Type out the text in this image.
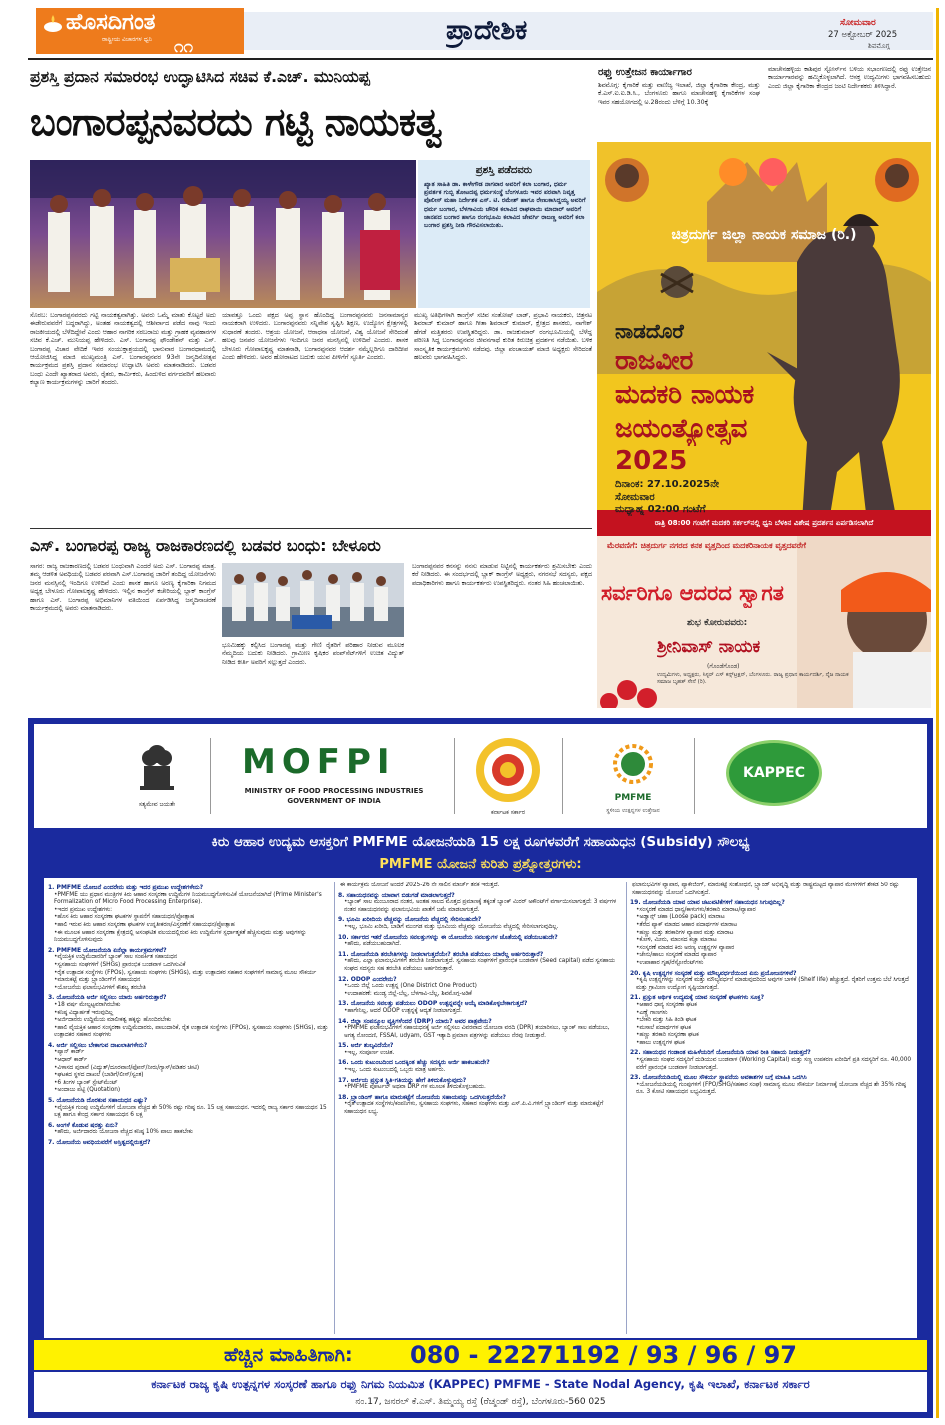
ಹೊಸದಿಗಂತ
ರಾಷ್ಟ್ರೀಯ ವಿಚಾರಗಳ ಧ್ವನಿ	೧೧
ಪ್ರಾದೇಶಿಕ	ಸೋಮವಾರ
27 ಅಕ್ಟೋಬರ್ 2025
ಶಿವಮೊಗ್ಗ
ಪ್ರಶಸ್ತಿ ಪ್ರದಾನ ಸಮಾರಂಭ ಉದ್ಘಾಟಿಸಿದ ಸಚಿವ ಕೆ.ಎಚ್. ಮುನಿಯಪ್ಪ
ಬಂಗಾರಪ್ಪನವರದು ಗಟ್ಟಿ ನಾಯಕತ್ವ
ಪ್ರಶಸ್ತಿ ಪಡೆದವರು
ಖ್ಯಾತ ಸಾಹಿತಿ ಡಾ. ಕಾಳೇಗೌಡ ನಾಗವಾರ ಅವರಿಗೆ ಕಲಾ ಬಂಗಾರ, ಧರ್ಮ ಪ್ರವರ್ತಕ ಗುಬ್ಬಿ ತೋಟದಪ್ಪ ಧರ್ಮಸಂಸ್ಥೆ ಬೆಂಗಳೂರು ಇವರ ಪರವಾಗಿ ನಿವೃತ್ತ ಪೊಲೀಸ್ ಮಹಾ ನಿರ್ದೇಶಕ ಎಸ್. ಟಿ. ರಮೇಶ್ ಹಾಗೂ ರೇಣುಕಾಸಿದ್ದಯ್ಯ ಅವರಿಗೆ ಧರ್ಮ ಬಂಗಾರ, ಬೆಳಗಾವಿಯ ಚೌರಿಕ ಕಲಾವಿದ ರಾಘವಾಯಿ ಮಾದಾರ್ ಅವರಿಗೆ ಜಾನಪದ ಬಂಗಾರ ಹಾಗೂ ರಂಗಭೂಮಿ ಕಲಾವಿದ ಜೇವರ್ಗಿ ರಾಜಣ್ಣ ಅವರಿಗೆ ಕಲಾ ಬಂಗಾರ ಪ್ರಶಸ್ತಿ ನೀಡಿ ಗೌರವಿಸಲಾಯಿತು.
ಸೊರಬ: ಬಂಗಾರಪ್ಪನವರದು ಗಟ್ಟಿ ನಾಯಕತ್ವವಾಗಿತ್ತು. ಅವರು ಒಮ್ಮೆ ಮಾತು ಕೊಟ್ಟರೆ ಅದು ಈಡೇರುವವರೆಗೆ ಬದ್ಧರಾಗಿದ್ದು, ಅಂತಹ ನಾಯಕತ್ವದಲ್ಲಿ ಆಶೀರ್ವಾದ ಪಡೆದ ನಾವು ಇಂದು ರಾಜಕೀಯದಲ್ಲಿ ಬೆಳೆದಿದ್ದೇವೆ ಎಂದು ಆಹಾರ ನಾಗರಿಕ ಸರಬರಾಜು ಮತ್ತು ಗ್ರಾಹಕ ವ್ಯವಹಾರಗಳ ಸಚಿವ ಕೆ.ಎಚ್. ಮುನಿಯಪ್ಪ ಹೇಳಿದರು. ಎಸ್. ಬಂಗಾರಪ್ಪ ಫೌಂಡೇಶನ್ ಮತ್ತು ಎಸ್. ಬಂಗಾರಪ್ಪ ವಿಚಾರ ವೇದಿಕೆ ಇವರ ಸಂಯುಕ್ತಾಶ್ರಯದಲ್ಲಿ ಭಾನುವಾರ ಬಂಗಾರಧಾಮದಲ್ಲಿ ಆಯೋಜಿಸಿದ್ದ ಮಾಜಿ ಮುಖ್ಯಮಂತ್ರಿ ಎಸ್. ಬಂಗಾರಪ್ಪನವರ 93ನೇ ಜನ್ಮದಿನೋತ್ಸವ ಕಾರ್ಯಕ್ರಮದ ಪ್ರಶಸ್ತಿ ಪ್ರದಾನ ಸಮಾರಂಭ ಉದ್ಘಾಟಿಸಿ ಅವರು ಮಾತನಾಡಿದರು. ಬಡವರ ಬಂಧು ಎಂದೇ ಖ್ಯಾತರಾದ ಅವರು, ರೈತರು, ಕಾರ್ಮಿಕರು, ಹಿಂದುಳಿದ ವರ್ಗದವರಿಗೆ ಹಲವಾರು ಕಲ್ಯಾಣ ಕಾರ್ಯಕ್ರಮಗಳನ್ನು ಜಾರಿಗೆ ತಂದರು.
ಯಾವತ್ತೂ ಒಂದು ಪಕ್ಷದ ಅಪ್ಪ ಸ್ಥಾನ ಹೊಂದಿದ್ದ ಬಂಗಾರಪ್ಪನವರು ಜನಸಾಮಾನ್ಯರ ನಾಯಕರಾಗಿ ಉಳಿದರು. ಬಂಗಾರಪ್ಪನವರು ಸನ್ನಿವೇಶ ಸೃಷ್ಟಿಸಿ ಶಿಕ್ಷಣ, ಉದ್ಯೋಗ ಕ್ಷೇತ್ರಗಳಲ್ಲಿ ಸುಧಾರಣೆ ತಂದರು. ಆಶ್ರಯ ಯೋಜನೆ, ಆರಾಧನಾ ಯೋಜನೆ, ವಿಶ್ವ ಯೋಜನೆ ಸೇರಿದಂತೆ ಹಲವು ಜನಪರ ಯೋಜನೆಗಳು ಇಂದಿಗೂ ಜನರ ಮನಸ್ಸಿನಲ್ಲಿ ಉಳಿದಿವೆ ಎಂದರು. ಶಾಸಕ ಬೇಳೂರು ಗೋಪಾಲಕೃಷ್ಣ ಮಾತನಾಡಿ, ಬಂಗಾರಪ್ಪನವರ ಆದರ್ಶ ನಮ್ಮೆಲ್ಲರಿಗೂ ದಾರಿದೀಪ ಎಂದು ಹೇಳಿದರು. ಅವರ ಹೋರಾಟದ ಬದುಕು ಯುವ ಪೀಳಿಗೆಗೆ ಸ್ಫೂರ್ತಿ ಎಂದರು.
ಮುಖ್ಯ ಅತಿಥಿಗಳಾಗಿ ಕಾಂಗ್ರೆಸ್ ಸಚಿವ ಸಂತೋಷ್ ಲಾಡ್, ಪ್ರಭಾವಿ ನಾಯಕರು, ಚಿತ್ರನಟ ಶಿವರಾಜ್ ಕುಮಾರ್ ಹಾಗೂ ಗೀತಾ ಶಿವರಾಜ್ ಕುಮಾರ್, ಕ್ಷೇತ್ರದ ಶಾಸಕರು, ನಾಗೇಶ್ ಹೆಗಡೆ ಮತ್ತಿತರರು ಉಪಸ್ಥಿತರಿದ್ದರು. ಡಾ. ರಾಜಕುಮಾರ್ ರಂಗಭೂಮಿಯಲ್ಲಿ ಬೆಳೆದ್ದ ಪರಿಣತಿ ಸಿದ್ಧ ಬಂಗಾರಪ್ಪನವರ ಜೀವನಗಾಥೆ ಕುರಿತ ಕಿರುಚಿತ್ರ ಪ್ರದರ್ಶನ ನಡೆಯಿತು. ಬಳಿಕ ಸಾಂಸ್ಕೃತಿಕ ಕಾರ್ಯಕ್ರಮಗಳು ನಡೆದವು. ಜಿಲ್ಲಾ ಪಂಚಾಯತ್ ಮಾಜಿ ಅಧ್ಯಕ್ಷರು ಸೇರಿದಂತೆ ಹಲವರು ಭಾಗವಹಿಸಿದ್ದರು.
ಎಸ್. ಬಂಗಾರಪ್ಪ ರಾಜ್ಯ ರಾಜಕಾರಣದಲ್ಲಿ ಬಡವರ ಬಂಧು: ಬೇಳೂರು
ಸಾಗರ: ರಾಜ್ಯ ರಾಜಕಾರಣದಲ್ಲಿ ಬಡವರ ಬಂಧುವಾಗಿ ಎಂದರೆ ಅದು ಎಸ್. ಬಂಗಾರಪ್ಪ ಮಾತ್ರ. ತಮ್ಮ ಆಡಳಿತ ಅವಧಿಯಲ್ಲಿ ಬಡವರ ಪರವಾಗಿ ಎಸ್.ಬಂಗಾರಪ್ಪ ಜಾರಿಗೆ ತಂದಿದ್ದ ಯೋಜನೆಗಳು ಜನರ ಮನಸ್ಸಿನಲ್ಲಿ ಇಂದಿಗೂ ಉಳಿದಿವೆ ಎಂದು ಶಾಸಕ ಹಾಗೂ ಅರಣ್ಯ ಕೈಗಾರಿಕಾ ನಿಗಮದ ಅಧ್ಯಕ್ಷ ಬೇಳೂರು ಗೋಪಾಲಕೃಷ್ಣ ಹೇಳಿದರು. ಇಲ್ಲಿನ ಕಾಂಗ್ರೆಸ್ ಕಚೇರಿಯಲ್ಲಿ ಬ್ಲಾಕ್ ಕಾಂಗ್ರೆಸ್ ಹಾಗೂ ಎಸ್. ಬಂಗಾರಪ್ಪ ಅಭಿಮಾನಿಗಳ ವತಿಯಿಂದ ಏರ್ಪಡಿಸಿದ್ದ ಜನ್ಮದಿನಾಚರಣೆ ಕಾರ್ಯಕ್ರಮದಲ್ಲಿ ಅವರು ಮಾತನಾಡಿದರು.
ಭೂಮಿಹಕ್ಕು ಕಲ್ಪಿಸಿದ ಬಂಗಾರಪ್ಪ ಮತ್ತು ಗೇಣಿ ರೈತರಿಗೆ ಪರಿಹಾರ ನೀಡುವ ಮೂಲಕ ನೆಮ್ಮದಿಯ ಬದುಕು ನೀಡಿದರು. ಗ್ರಾಮೀಣ ಕೃಷಿಕರ ಪಂಪ್‌ಸೆಟ್‌ಗಳಿಗೆ ಉಚಿತ ವಿದ್ಯುತ್ ನೀಡಿದ ಕೀರ್ತಿ ಅವರಿಗೆ ಸಲ್ಲುತ್ತದೆ ಎಂದರು.
ಬಂಗಾರಪ್ಪನವರ ಕನಸನ್ನು ನನಸು ಮಾಡುವ ನಿಟ್ಟಿನಲ್ಲಿ ಕಾರ್ಯಕರ್ತರು ಶ್ರಮಿಸಬೇಕು ಎಂದು ಕರೆ ನೀಡಿದರು. ಈ ಸಂದರ್ಭದಲ್ಲಿ ಬ್ಲಾಕ್ ಕಾಂಗ್ರೆಸ್ ಅಧ್ಯಕ್ಷರು, ನಗರಸಭೆ ಸದಸ್ಯರು, ಪಕ್ಷದ ಪದಾಧಿಕಾರಿಗಳು ಹಾಗೂ ಕಾರ್ಯಕರ್ತರು ಉಪಸ್ಥಿತರಿದ್ದರು. ನಂತರ ಸಿಹಿ ಹಂಚಲಾಯಿತು.
ರಫ್ತು ಉತ್ತೇಜನ ಕಾರ್ಯಾಗಾರ
ಶಿವಮೊಗ್ಗ: ಕೈಗಾರಿಕೆ ಮತ್ತು ವಾಣಿಜ್ಯ ಇಲಾಖೆ, ಜಿಲ್ಲಾ ಕೈಗಾರಿಕಾ ಕೇಂದ್ರ, ಮತ್ತು ಕೆ.ಎಸ್.ಐ.ಐ.ಡಿ.ಸಿ., ಬೆಂಗಳೂರು ಹಾಗೂ ಮಾಚೇನಹಳ್ಳಿ ಕೈಗಾರಿಕೆಗಳ ಸಂಘ ಇವರ ಸಹಯೋಗದಲ್ಲಿ ಅ.28ರಂದು ಬೆಳಿಗ್ಗೆ 10.30ಕ್ಕೆ
ಮಾಚೇನಹಳ್ಳಿಯ ಕಾಶಿಪುರ ಸ್ಟೋರ್ಸ್‌ನ ಬಳಿಯ ಸಭಾಂಗಣದಲ್ಲಿ ರಫ್ತು ಉತ್ತೇಜನ ಕಾರ್ಯಾಗಾರವನ್ನು ಹಮ್ಮಿಕೊಳ್ಳಲಾಗಿದೆ. ಆಸಕ್ತ ಉದ್ಯಮಿಗಳು ಭಾಗವಹಿಸಬಹುದು ಎಂದು ಜಿಲ್ಲಾ ಕೈಗಾರಿಕಾ ಕೇಂದ್ರದ ಜಂಟಿ ನಿರ್ದೇಶಕರು ತಿಳಿಸಿದ್ದಾರೆ.
ಚಿತ್ರದುರ್ಗ ಜಿಲ್ಲಾ ನಾಯಕ ಸಮಾಜ (ರಿ.)
ನಾಡದೊರೆ
ರಾಜವೀರ
ಮದಕರಿ ನಾಯಕ
ಜಯಂತ್ಯೋತ್ಸವ
2025
ದಿನಾಂಕ: 27.10.2025ನೇ
ಸೋಮವಾರ
ಮಧ್ಯಾಹ್ನ 02:00 ಗಂಟೆಗೆ
ರಾತ್ರಿ 08:00 ಗಂಟೆಗೆ ಮದಕರಿ ಸರ್ಕಲ್‌ನಲ್ಲಿ ಧ್ವನಿ ಬೆಳಕಿನ ವಿಶೇಷ ಪ್ರದರ್ಶನ ಏರ್ಪಡಿಸಲಾಗಿದೆ
ಮೆರವಣಿಗೆ: ಚಿತ್ರದುರ್ಗ ನಗರದ ಕನಕ ವೃತ್ತದಿಂದ ಮದಕರಿನಾಯಕ ವೃತ್ತದವರೆಗೆ
ಸರ್ವರಿಗೂ ಆದರದ ಸ್ವಾಗತ
ಶುಭ ಕೋರುವವರು:
ಶ್ರೀನಿವಾಸ್ ನಾಯಕ
(ಗೊಂಡೆಗೊಂಡ)
ಉದ್ಯಮಿಗಳು, ಅಧ್ಯಕ್ಷರು, ಸಿಸ್ಟರ್ ಎಸ್ ಕನ್ಸ್‌ಟ್ರಕ್ಷನ್, ಬೆಂಗಳೂರು. ರಾಜ್ಯ ಪ್ರಧಾನ ಕಾರ್ಯದರ್ಶಿ, ನೈಜ ನಾಯಕ ಸಮಾಜ ಬೃಹತ್ ಸೇನೆ (ರಿ).
ಸತ್ಯಮೇವ ಜಯತೇ
MOFPI
MINISTRY OF FOOD PROCESSING INDUSTRIES
GOVERNMENT OF INDIA
ಕರ್ನಾಟಕ ಸರ್ಕಾರ
PMFME
ಸ್ಥಳೀಯ ಉತ್ಪನ್ನಗಳ ಉತ್ತೇಜನ
KAPPEC
ಕಿರು ಆಹಾರ ಉದ್ಯಮ ಆಸಕ್ತರಿಗೆ PMFME ಯೋಜನೆಯಡಿ 15 ಲಕ್ಷ ರೂಗಳವರೆಗೆ ಸಹಾಯಧನ (Subsidy) ಸೌಲಭ್ಯ
PMFME ಯೋಜನೆ ಕುರಿತು ಪ್ರಶ್ನೋತ್ತರಗಳು:
1. PMFME ಯೋಜನೆ ಎಂದರೇನು ಮತ್ತು ಇದರ ಪ್ರಮುಖ ಉದ್ದೇಶಗಳೇನು?
• PMFME ಯು ಪ್ರಧಾನ ಮಂತ್ರಿಗಳ ಕಿರು ಆಹಾರ ಸಂಸ್ಕರಣಾ ಉದ್ದಿಮೆಗಳ ನಿಯಮಬದ್ಧಗೊಳಿಸುವಿಕೆ ಯೋಜನೆಯಾಗಿದೆ (Prime Minister's Formalization of Micro Food Processing Enterprise).
• ಇದರ ಪ್ರಮುಖ ಉದ್ದೇಶಗಳು:
• ಹೊಸ ಕಿರು ಆಹಾರ ಸಂಸ್ಕರಣಾ ಘಟಕಗಳ ಸ್ಥಾಪನೆಗೆ ಸಹಾಯಧನ/ಪ್ರೋತ್ಸಾಹ
• ಹಾಲಿ ಇರುವ ಕಿರು ಆಹಾರ ಸಂಸ್ಕರಣಾ ಘಟಕಗಳ ಉನ್ನತೀಕರಣ/ವಿಸ್ತರಣೆಗೆ ಸಹಾಯಧನ/ಪ್ರೋತ್ಸಾಹ
• ಈ ಮೂಲಕ ಆಹಾರ ಸಂಸ್ಕರಣಾ ಕ್ಷೇತ್ರದಲ್ಲಿ ಅಸಂಘಟಿತ ವಲಯದಲ್ಲಿರುವ ಕಿರು ಉದ್ದಿಮೆಗಳ ಸ್ಪರ್ಧಾತ್ಮಕತೆ ಹೆಚ್ಚಿಸುವುದು ಮತ್ತು ಅವುಗಳನ್ನು ನಿಯಮಬದ್ಧಗೊಳಿಸುವುದು
2. PMFME ಯೋಜನೆಯಡಿ ಏನೆಲ್ಲಾ ಕಾರ್ಯಕ್ರಮಗಳಿವೆ?
• ವೈಯಕ್ತಿಕ ಉದ್ದಿಮೆದಾರರಿಗೆ ಬ್ಯಾಂಕ್ ಸಾಲ ಸಂಪರ್ಕಿತ ಸಹಾಯಧನ
• ಸ್ವಸಹಾಯ ಸಂಘಗಳಿಗೆ (SHGs) ಪ್ರಾರಂಭಿಕ ಬಂಡವಾಳ ಒದಗಿಸುವಿಕೆ
• ರೈತ ಉತ್ಪಾದಕ ಸಂಸ್ಥೆಗಳು (FPOs), ಸ್ವಸಹಾಯ ಸಂಘಗಳು (SHGs), ಮತ್ತು ಉತ್ಪಾದಕರ ಸಹಕಾರ ಸಂಘಗಳಿಗೆ ಸಾಮಾನ್ಯ ಮೂಲ ಸೌಕರ್ಯ
• ಮಾರುಕಟ್ಟೆ ಮತ್ತು ಬ್ರ್ಯಾಂಡಿಂಗ್‌ಗೆ ಸಹಾಯಧನ
• ಯೋಜನೆಯ ಫಲಾನುಭವಿಗಳಿಗೆ ಕೌಶಲ್ಯ ತರಬೇತಿ
3. ಯೋಜನೆಯಡಿ ಅರ್ಜಿ ಸಲ್ಲಿಸಲು ಯಾರು ಅರ್ಹರಿರುತ್ತಾರೆ?
• 18 ವರ್ಷ ಮೇಲ್ಪಟ್ಟವರಾಗಿರಬೇಕು
• ಕನಿಷ್ಠ ವಿದ್ಯಾರ್ಹತೆ ಇರುವುದಿಲ್ಲ
• ಅರ್ಜಿದಾರರು ಉದ್ದಿಮೆಯ ಮಾಲೀಕತ್ವ ಹಕ್ಕನ್ನು ಹೊಂದಿರಬೇಕು
• ಹಾಲಿ ವೈಯಕ್ತಿಕ ಆಹಾರ ಸಂಸ್ಕರಣಾ ಉದ್ದಿಮೆದಾರರು, ಪಾಲುದಾರಿಕೆ, ರೈತ ಉತ್ಪಾದಕ ಸಂಸ್ಥೆಗಳು (FPOs), ಸ್ವಸಹಾಯ ಸಂಘಗಳು (SHGs), ಮತ್ತು ಉತ್ಪಾದಕರ ಸಹಕಾರ ಸಂಘಗಳು
4. ಅರ್ಜಿ ಸಲ್ಲಿಸಲು ಬೇಕಾಗುವ ದಾಖಲಾತಿಗಳೇನು?
• ಪ್ಯಾನ್ ಕಾರ್ಡ್
• ಆಧಾರ್ ಕಾರ್ಡ್
• ವಿಳಾಸದ ಪುರಾವೆ (ವಿದ್ಯುತ್/ದೂರವಾಣಿ/ಫೋನ್/ನೀರು/ಗ್ಯಾಸ್/ಪಡಿತರ ಚೀಟಿ)
• ಘಟಕದ ಸ್ಥಳದ ದಾಖಲೆ (ಬಾಡಿಗೆ/ಲೀಸ್/ಸ್ವಂತ)
• 6 ತಿಂಗಳ ಬ್ಯಾಂಕ್ ಸ್ಟೇಟ್‌ಮೆಂಟ್
• ಅಂದಾಜು ಪಟ್ಟಿ (Quotation)
5. ಯೋಜನೆಯಡಿ ದೊರಕುವ ಸಹಾಯಧನ ಎಷ್ಟು?
• ವೈಯಕ್ತಿಕ ಗುಂಪು ಉದ್ದಿಮೆಗಳಿಗೆ ಯೋಜನಾ ವೆಚ್ಚದ ಶೇ 50% ರಷ್ಟು ಗರಿಷ್ಠ ರೂ. 15 ಲಕ್ಷ ಸಹಾಯಧನ. ಇದರಲ್ಲಿ ರಾಜ್ಯ ಸರ್ಕಾರ ಸಹಾಯಧನ 15 ಲಕ್ಷ ಹಾಗೂ ಕೇಂದ್ರ ಸರ್ಕಾರ ಸಹಾಯಧನ 6 ಲಕ್ಷ
6. ಅಂಗಳೆ ಕೊಡುವ ಷರತ್ತು ಏನು?
• ಹೌದು, ಅರ್ಜಿದಾರರು ಯೋಜನಾ ವೆಚ್ಚದ ಕನಿಷ್ಠ 10% ಪಾಲು ಹಾಕಬೇಕು
7. ಯೋಜನೆಯ ಅವಧಿಯವರೆಗೆ ಅಸ್ತಿತ್ವದಲ್ಲಿರುತ್ತದೆ?
ಈ ಕಾರ್ಯಕ್ರಮ ಯೋಜನೆ ಅಂದರೆ 2025-26 ನೇ ಸಾಲಿನ ಮಾರ್ಚ್ ತನಕ ಇರುತ್ತದೆ.
8. ಸಹಾಯಧನವನ್ನು ಯಾವಾಗ ಬಿಡುಗಡೆ ಮಾಡಲಾಗುತ್ತದೆ?
• ಬ್ಯಾಂಕ್ ಸಾಲ ಮಂಜೂರಾದ ನಂತರ, ಅಂತಹ ಸಾಲದ ಮೊತ್ತದ ಪ್ರಮಾಣಕ್ಕೆ ತಕ್ಕಂತೆ ಬ್ಯಾಂಕ್ ಮಿರರ್ ಅಕೌಂಟ್‌ಗೆ ವರ್ಗಾಯಿಸಲಾಗುತ್ತದೆ: 3 ವರ್ಷಗಳ ನಂತರ ಸಹಾಯಧನವನ್ನು ಫಲಾನುಭವಿಯ ಖಾತೆಗೆ ಜಮೆ ಮಾಡಲಾಗುತ್ತದೆ.
9. ಭೂಮಿ ಖರೀದಿಯ ವೆಚ್ಚವನ್ನು ಯೋಜನೆಯ ವೆಚ್ಚದಲ್ಲಿ ಸೇರಿಸಬಹುದೇ?
• ಇಲ್ಲ, ಭೂಮಿ ಖರೀದಿ, ಬಾಡಿಗೆ ಮುಂಗಡ ಮತ್ತು ಭೂಮಿಯ ವೆಚ್ಚವನ್ನು ಯೋಜನೆಯ ವೆಚ್ಚದಲ್ಲಿ ಸೇರಿಸಲಾಗುವುದಿಲ್ಲ.
10. ಸರ್ಕಾರದ ಇತರೆ ಯೋಜನೆಯ ಸವಲತ್ತುಗಳನ್ನು ಈ ಯೋಜನೆಯ ಸವಲತ್ತುಗಳ ಜೊತೆಯಲ್ಲಿ ಪಡೆಯಬಹುದೇ?
• ಹೌದು, ಪಡೆಯಬಹುದಾಗಿದೆ.
11. ಯೋಜನೆಯಡಿ ತರಬೇತಿಗಳನ್ನು ನೀಡಲಾಗುತ್ತದೆಯೇ? ತರಬೇತಿ ಪಡೆಯಲು ಯಾರೆಲ್ಲ ಅರ್ಹರಿರುತ್ತಾರೆ?
• ಹೌದು, ಎಲ್ಲಾ ಫಲಾನುಭವಿಗಳಿಗೆ ತರಬೇತಿ ನೀಡಲಾಗುತ್ತದೆ. ಸ್ವಸಹಾಯ ಸಂಘಗಳಿಗೆ ಪ್ರಾರಂಭಿಕ ಬಂಡವಾಳ (Seed capital) ಪಡೆದ ಸ್ವಸಹಾಯ ಸಂಘದ ಸದಸ್ಯರು ಸಹ ತರಬೇತಿ ಪಡೆಯಲು ಅರ್ಹರಿರುತ್ತಾರೆ.
12. ODOP ಎಂದರೇನು?
• ಒಂದು ಜಿಲ್ಲೆ ಒಂದು ಉತ್ಪನ್ನ (One District One Product)
• ಉದಾಹರಣೆ: ಮಂಡ್ಯ ಜಿಲ್ಲೆ-ಬೆಲ್ಲ, ಬೆಳಗಾವಿ-ಬೆಲ್ಲ, ಶಿವಮೊಗ್ಗ-ಅಡಿಕೆ
13. ಯೋಜನೆಯ ಸವಲತ್ತು ಪಡೆಯಲು ODOP ಉತ್ಪನ್ನವನ್ನೇ ಆಯ್ಕೆ ಮಾಡಿಕೊಳ್ಳಬೇಕಾಗುತ್ತದೆ?
• ಹಾಗೇನಿಲ್ಲ, ಆದರೆ ODOP ಉತ್ಪನ್ನಕ್ಕೆ ಆದ್ಯತೆ ನೀಡಲಾಗುತ್ತದೆ.
14. ಜಿಲ್ಲಾ ಸಂಪನ್ಮೂಲ ವ್ಯಕ್ತಿಗಳೆಂದರೆ (DRP) ಯಾರು? ಅವರ ಪಾತ್ರವೇನು?
• PMFME ಫಲಾನುಭವಿಗಳಿಗೆ ಸಹಾಯಧನಕ್ಕೆ ಅರ್ಜಿ ಸಲ್ಲಿಸಲು ವಿವರವಾದ ಯೋಜನಾ ವರದಿ (DPR) ತಯಾರಿಸಲು, ಬ್ಯಾಂಕ್ ಸಾಲ ಪಡೆಯಲು, ಅಗತ್ಯ ನೋಂದಣಿ, FSSAI, udyam, GST ಇತ್ಯಾದಿ ಪ್ರಮಾಣ ಪತ್ರಗಳನ್ನು ಪಡೆಯಲು ನೆರವು ನೀಡುತ್ತಾರೆ.
15. ಅರ್ಜಿ ಶುಲ್ಕವಿದೆಯೇ?
• ಇಲ್ಲ, ಸಂಪೂರ್ಣ ಉಚಿತ.
16. ಒಂದು ಕುಟುಂಬದಿಂದ ಒಂದಕ್ಕಿಂತ ಹೆಚ್ಚು ಸದಸ್ಯರು ಅರ್ಜಿ ಹಾಕಬಹುದೇ?
• ಇಲ್ಲ. ಒಂದು ಕುಟುಂಬದಲ್ಲಿ ಒಬ್ಬರು ಮಾತ್ರ ಅರ್ಹರು.
17. ಅರ್ಜಿಯ ಪ್ರಸ್ತುತ ಸ್ಥಿತಿ-ಗತಿಯನ್ನು ಹೇಗೆ ತಿಳಿದುಕೊಳ್ಳುವುದು?
• PMFME ಪೋರ್ಟಲ್ ಅಥವಾ DRP ಗಳ ಮೂಲಕ ತಿಳಿದುಕೊಳ್ಳಬಹುದು.
18. ಬ್ರ್ಯಾಂಡಿಂಗ್ ಹಾಗೂ ಮಾರುಕಟ್ಟೆಗೆ ಯೋಜನೆಯ ಸಹಾಯವನ್ನು ಒದಗಿಸುತ್ತದೆಯೇ?
• ರೈತ ಉತ್ಪಾದಕ ಸಂಸ್ಥೆಗಳು/ಕಂಪನಿಗಳು, ಸ್ವಸಹಾಯ ಸಂಘಗಳು, ಸಹಕಾರ ಸಂಘಗಳು ಮತ್ತು ಎಸ್.ಪಿ.ವಿ.ಗಳಿಗೆ ಬ್ರ್ಯಾಂಡಿಂಗ್ ಮತ್ತು ಮಾರುಕಟ್ಟೆಗೆ ಸಹಾಯಧನ ಲಭ್ಯ.
ಫಲಾನುಭವಿಗಳ ವ್ಯಾಪಾರ, ಪ್ಯಾಕೇಜಿಂಗ್, ಮಾರುಕಟ್ಟೆ ಸಂಶೋಧನೆ, ಬ್ರ್ಯಾಂಡ್ ಅಭಿವೃದ್ಧಿ ಮತ್ತು ರಾಷ್ಟ್ರಮಟ್ಟದ ವ್ಯಾಪಾರ ಮೇಳಗಳಿಗೆ ಶೇಕಡ 50 ರಷ್ಟು ಸಹಾಯಧನವನ್ನು ಯೋಜನೆ ಒದಗಿಸುತ್ತದೆ.
19. ಯೋಜನೆಯಡಿ ಯಾವ ಯಾವ ಚಟುವಟಿಕೆಗಳಿಗೆ ಸಹಾಯಧನ ಸಿಗುವುದಿಲ್ಲ?
• ಸಂಸ್ಕರಣೆ ಮಾಡದ ಧಾನ್ಯ/ಕಾಳುಗಳು/ತರಕಾರಿ ಮಾರಾಟ/ವ್ಯಾಪಾರ
• ಅಡ್ವಾನ್ಸ್ ಚಹಾ (Loose pack) ಮಾರಾಟ
• ತೆರೆದ ಪ್ಯಾಕ್ ಮಾಡದ ಆಹಾರ ಪದಾರ್ಥಗಳ ಮಾರಾಟ
• ಹಣ್ಣು ಮತ್ತು ತರಕಾರಿಗಳ ವ್ಯಾಪಾರ ಮತ್ತು ಮಾರಾಟ
• ಕೋಳಿ, ಮೀನು, ಮಾಂಸದ ಕಚ್ಚಾ ಮಾರಾಟ
• ಸಂಸ್ಕರಣೆ ಮಾಡದ ಕಿರು ಅರಣ್ಯ ಉತ್ಪನ್ನಗಳ ವ್ಯಾಪಾರ
• ಜೇನು/ಹಾಲು ಸಂಸ್ಕರಣೆ ಮಾಡದ ವ್ಯಾಪಾರ
• ಉಪಾಹಾರ ಗೃಹ/ರೆಸ್ಟೋರೆಂಟ್‌ಗಳು
20. ಕೃಷಿ ಉತ್ಪನ್ನಗಳ ಸಂಸ್ಕರಣೆ ಮತ್ತು ಮೌಲ್ಯವರ್ಧನೆಯಿಂದ ಏನು ಪ್ರಯೋಜನಗಳಿವೆ?
• ಕೃಷಿ ಉತ್ಪನ್ನಗಳನ್ನು ಸಂಸ್ಕರಣೆ ಮತ್ತು ಮೌಲ್ಯವರ್ಧನೆ ಮಾಡುವುದರಿಂದ ಅವುಗಳ ಬಾಳಿಕೆ (Shelf life) ಹೆಚ್ಚುತ್ತದೆ. ರೈತರಿಗೆ ಉತ್ತಮ ಬೆಲೆ ಸಿಗುತ್ತದೆ ಮತ್ತು ಗ್ರಾಮೀಣ ಉದ್ಯೋಗ ಸೃಷ್ಟಿಯಾಗುತ್ತದೆ.
21. ಪ್ರಸ್ತುತ ಆರ್ಥಿಕ ಉದ್ಯಮಕ್ಕೆ ಯಾವ ಸಂಸ್ಕರಣೆ ಘಟಕಗಳು ಸೂಕ್ತ?
• ಆಹಾರ ಧಾನ್ಯ ಸಂಸ್ಕರಣಾ ಘಟಕ
• ಎಣ್ಣೆ ಗಾಣಗಳು
• ಬೇಕರಿ ಮತ್ತು ಸಿಹಿ ತಿಂಡಿ ಘಟಕ
• ಮಸಾಲೆ ಪದಾರ್ಥಗಳ ಘಟಕ
• ಹಣ್ಣು ತರಕಾರಿ ಸಂಸ್ಕರಣಾ ಘಟಕ
• ಹಾಲು ಉತ್ಪನ್ನಗಳ ಘಟಕ
22. ಸಹಾಯಧನ ಗಂಡಾಂತ ಮಹಿಳೆಯರಿಗೆ ಯೋಜನೆಯಡಿ ಯಾವ ರೀತಿ ಸಹಾಯ ನೀಡುತ್ತದೆ?
• ಸ್ವಸಹಾಯ ಸಂಘದ ಸದಸ್ಯರಿಗೆ ದುಡಿಯುವ ಬಂಡವಾಳ (Working Capital) ಮತ್ತು ಸಣ್ಣ ಉಪಕರಣ ಖರೀದಿಗೆ ಪ್ರತಿ ಸದಸ್ಯರಿಗೆ ರೂ. 40,000 ವರೆಗೆ ಪ್ರಾರಂಭಿಕ ಬಂಡವಾಳ ನೀಡಲಾಗುತ್ತದೆ.
23. ಯೋಜನೆಯಡಿಯಲ್ಲಿ ಮೂಲ ಸೌಕರ್ಯ ಸ್ಥಾಪನೆಯ ಅವಕಾಶಗಳ ಬಗ್ಗೆ ಮಾಹಿತಿ ಒದಗಿಸಿ
• ಯೋಜನೆಯಡಿಯಲ್ಲಿ ಗುಂಪುಗಳಿಗೆ (FPO/SHG/ಸಹಕಾರ ಸಂಘ) ಸಾಮಾನ್ಯ ಮೂಲ ಸೌಕರ್ಯ ನಿರ್ಮಾಣಕ್ಕೆ ಯೋಜನಾ ವೆಚ್ಚದ ಶೇ 35% ಗರಿಷ್ಠ ರೂ. 3 ಕೋಟಿ ಸಹಾಯಧನ ಲಭ್ಯವಿರುತ್ತದೆ.
ಹೆಚ್ಚಿನ ಮಾಹಿತಿಗಾಗಿ:	080 - 22271192 / 93 / 96 / 97
ಕರ್ನಾಟಕ ರಾಜ್ಯ ಕೃಷಿ ಉತ್ಪನ್ನಗಳ ಸಂಸ್ಕರಣೆ ಹಾಗೂ ರಫ್ತು ನಿಗಮ ನಿಯಮಿತ (KAPPEC) PMFME - State Nodal Agency, ಕೃಷಿ ಇಲಾಖೆ, ಕರ್ನಾಟಕ ಸರ್ಕಾರ
ನಂ.17, ಜನರಲ್ ಕೆ.ಎಸ್. ತಿಮ್ಮಯ್ಯ ರಸ್ತೆ (ರೆಚ್ಮಂಡ್ ರಸ್ತೆ), ಬೆಂಗಳೂರು-560 025
